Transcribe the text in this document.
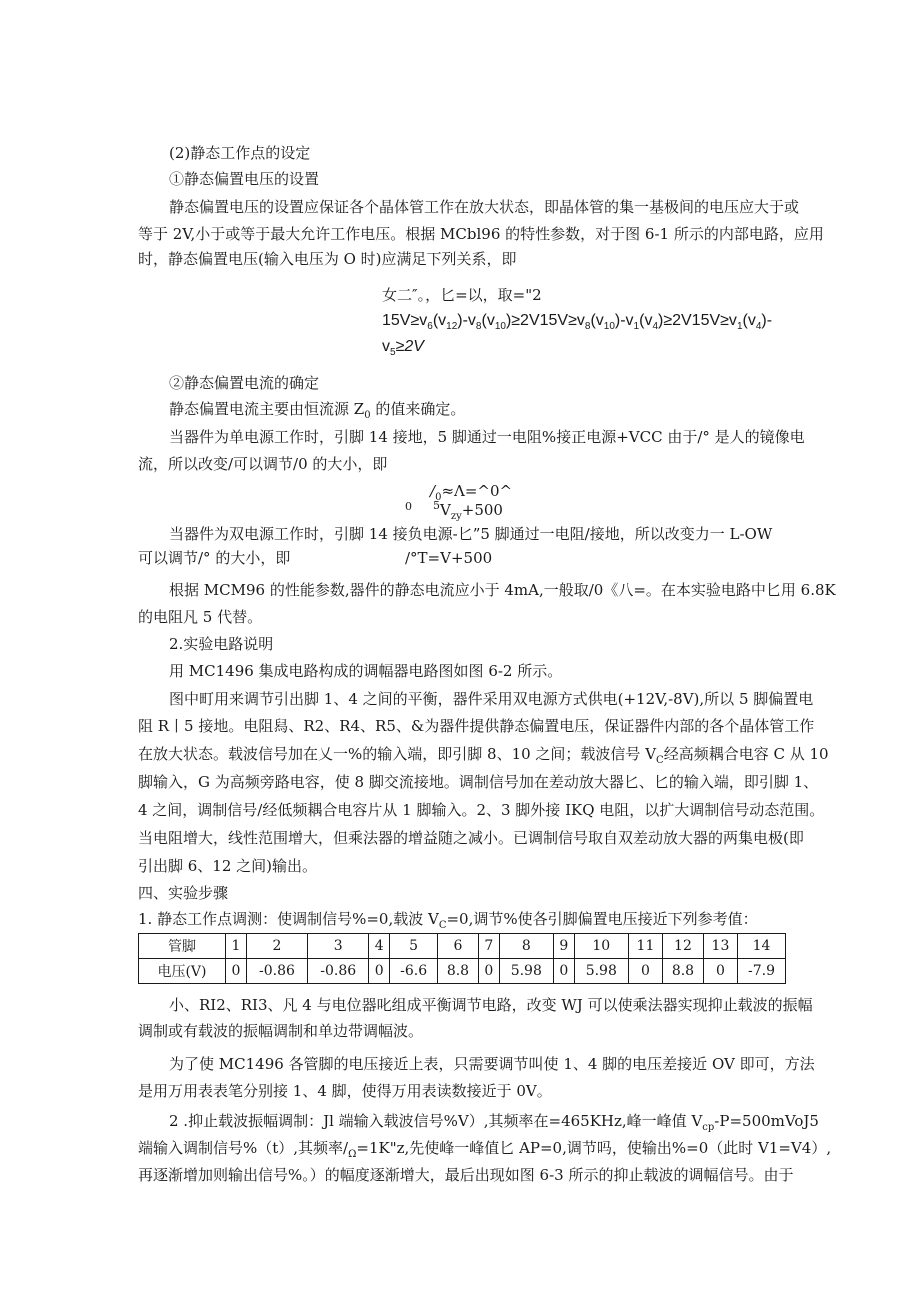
(2)静态工作点的设定
①静态偏置电压的设置
静态偏置电压的设置应保证各个晶体管工作在放大状态，即晶体管的集一基极间的电压应大于或
等于 2V,小于或等于最大允许工作电压。根据 MCbl96 的特性参数，对于图 6-1 所示的内部电路，应用
时，静态偏置电压(输入电压为 O 时)应满足下列关系，即
女二″。，匕=以，取="2
$15V\ge v_6(v_{12})-v_8(v_{10})\ge 2V15V\ge v_8(v_{10})-v_1(v_4)\ge 2V15V\ge v_1(v_4)-$
$v_5\ge 2V$
②静态偏置电流的确定
静态偏置电流主要由恒流源 $Z_0$ 的值来确定。
当器件为单电源工作时，引脚 14 接地，5 脚通过一电阻%接正电源+VCC 由于/° 是人的镜像电
流，所以改变/可以调节/0 的大小，即
$/_0\approx\Lambda=\^{}0\^{}$
0 $^5V_{zy}+500$
当器件为双电源工作时，引脚 14 接负电源-匕”5 脚通过一电阻/接地，所以改变力一 L-OW
可以调节/° 的大小，即	/°T=V+500
根据 MCM96 的性能参数,器件的静态电流应小于 4mA,一般取/0《八=。在本实验电路中匕用 6.8K
的电阻凡 5 代替。
2.实验电路说明
用 MC1496 集成电路构成的调幅器电路图如图 6-2 所示。
图中町用来调节引出脚 1、4 之间的平衡，器件采用双电源方式供电(+12V,-8V),所以 5 脚偏置电
阻 R丨5 接地。电阻舄、R2、R4、R5、&为器件提供静态偏置电压，保证器件内部的各个晶体管工作
在放大状态。载波信号加在乂一%的输入端，即引脚 8、10 之间；载波信号 $V_C$经高频耦合电容 C 从 10
脚输入，G 为高频旁路电容，使 8 脚交流接地。调制信号加在差动放大器匕、匕的输入端，即引脚 1、
4 之间，调制信号/经低频耦合电容片从 1 脚输入。2、3 脚外接 IKQ 电阻，以扩大调制信号动态范围。
当电阻增大，线性范围增大，但乘法器的增益随之减小。已调制信号取自双差动放大器的两集电极(即
引出脚 6、12 之间)输出。
四、实验步骤
1. 静态工作点调测：使调制信号%=0,载波 $V_C=0$,调节%使各引脚偏置电压接近下列参考值：
管脚	1	2	3	4	5	6	7	8	9	10	11	12	13	14
电压(V)	0	-0.86	-0.86	0	-6.6	8.8	0	5.98	0	5.98	0	8.8	0	-7.9
小、RI2、RI3、凡 4 与电位器叱组成平衡调节电路，改变 WJ 可以使乘法器实现抑止载波的振幅
调制或有载波的振幅调制和单边带调幅波。
为了使 MC1496 各管脚的电压接近上表，只需要调节叫使 1、4 脚的电压差接近 OV 即可，方法
是用万用表表笔分别接 1、4 脚，使得万用表读数接近于 0V。
2 .抑止载波振幅调制：Jl 端输入载波信号%V）,其频率在=465KHz,峰一峰值 $V_{cp}-P=500mVoJ5$
端输入调制信号%（t）,其频率$/_\Omega=1K"z$,先使峰一峰值匕 AP=0,调节吗，使输出%=0（此时 V1=V4）,
再逐渐增加则输出信号%。）的幅度逐渐增大，最后出现如图 6-3 所示的抑止载波的调幅信号。由于
